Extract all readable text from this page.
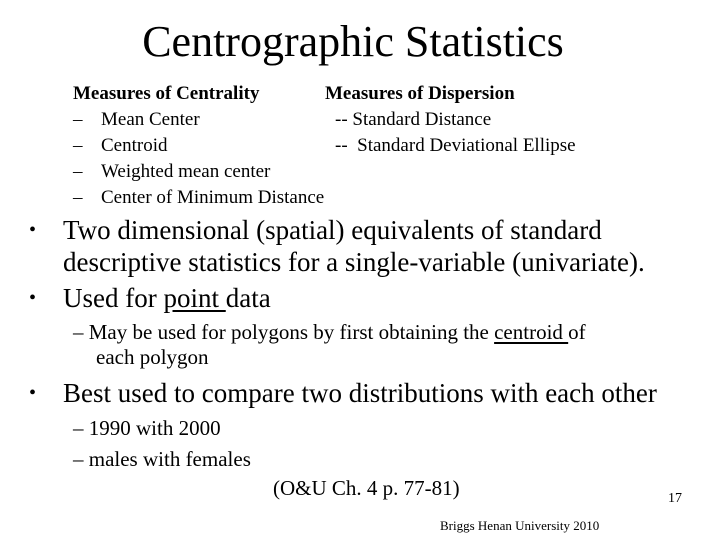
Centrographic Statistics
Measures of Centrality
– Mean Center
– Centroid
– Weighted mean center
– Center of Minimum Distance
Measures of Dispersion
-- Standard Distance
-- Standard Deviational Ellipse
• Two dimensional (spatial) equivalents of standard
descriptive statistics for a single-variable (univariate).
• Used for point data
– May be used for polygons by first obtaining the centroid of
each polygon
• Best used to compare two distributions with each other
– 1990 with 2000
– males with females
(O&U Ch. 4 p. 77-81)	17
Briggs Henan University 2010
